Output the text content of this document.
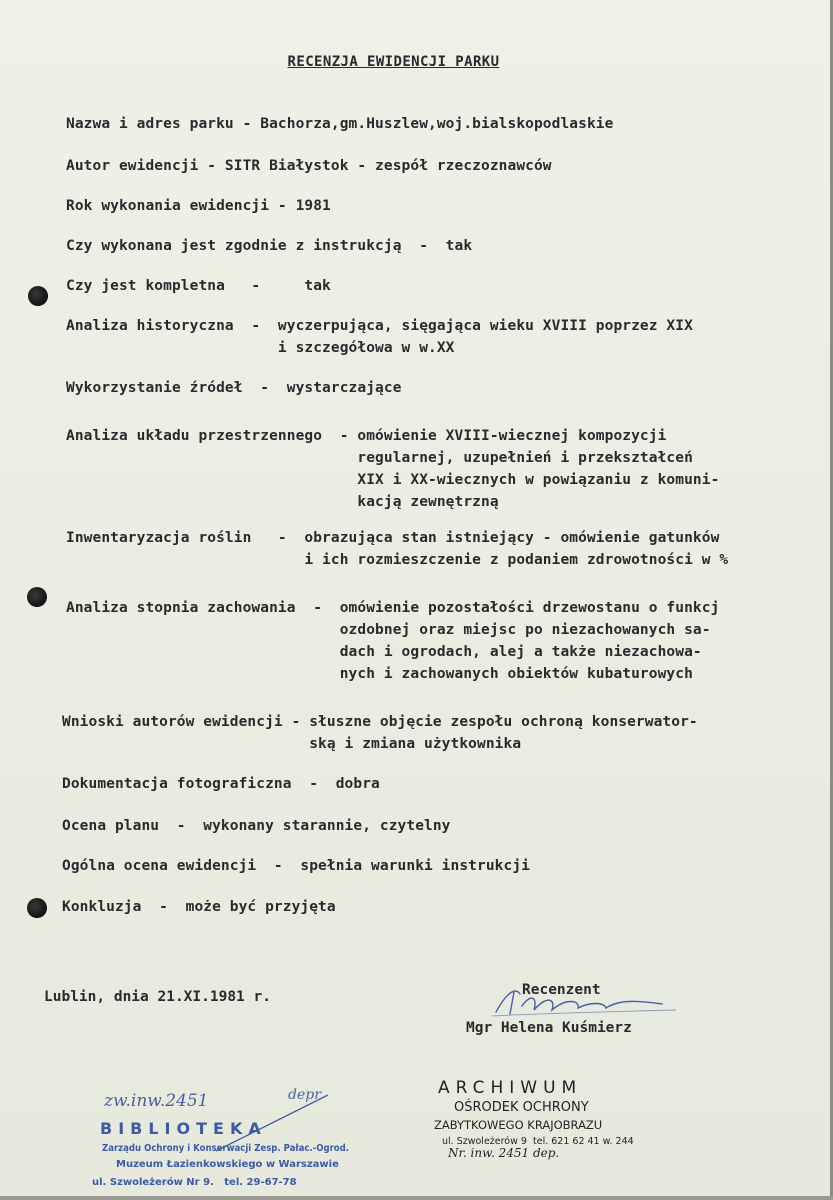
RECENZJA EWIDENCJI PARKU
Nazwa i adres parku - Bachorza,gm.Huszlew,woj.bialskopodlaskie
Autor ewidencji - SITR Białystok - zespół rzeczoznawców
Rok wykonania ewidencji - 1981
Czy wykonana jest zgodnie z instrukcją  -  tak
Czy jest kompletna   -     tak
Analiza historyczna  -  wyczerpująca, sięgająca wieku XVIII poprzez XIX
i szczegółowa w w.XX
Wykorzystanie źródeł  -  wystarczające
Analiza układu przestrzennego  - omówienie XVIII-wiecznej kompozycji
regularnej, uzupełnień i przekształceń
XIX i XX-wiecznych w powiązaniu z komuni-
kacją zewnętrzną
Inwentaryzacja roślin   -  obrazująca stan istniejący - omówienie gatunków
i ich rozmieszczenie z podaniem zdrowotności w %
Analiza stopnia zachowania  -  omówienie pozostałości drzewostanu o funkcj
ozdobnej oraz miejsc po niezachowanych sa-
dach i ogrodach, alej a także niezachowa-
nych i zachowanych obiektów kubaturowych
Wnioski autorów ewidencji - słuszne objęcie zespołu ochroną konserwator-
ską i zmiana użytkownika
Dokumentacja fotograficzna  -  dobra
Ocena planu  -  wykonany starannie, czytelny
Ogólna ocena ewidencji  -  spełnia warunki instrukcji
Konkluzja  -  może być przyjęta
Lublin, dnia 21.XI.1981 r.	Recenzent
Mgr Helena Kuśmierz
zw.inw.2451	depr
BIBLIOTEKA
Zarządu Ochrony i Konserwacji Zesp. Pałac.-Ogrod.
Muzeum Łazienkowskiego w Warszawie
ul. Szwoleżerów Nr 9.   tel. 29-67-78
ARCHIWUM
OŚRODEK OCHRONY
ZABYTKOWEGO KRAJOBRAZU
ul. Szwoleżerów 9  tel. 621 62 41 w. 244
Nr. inw. 2451 dep.
